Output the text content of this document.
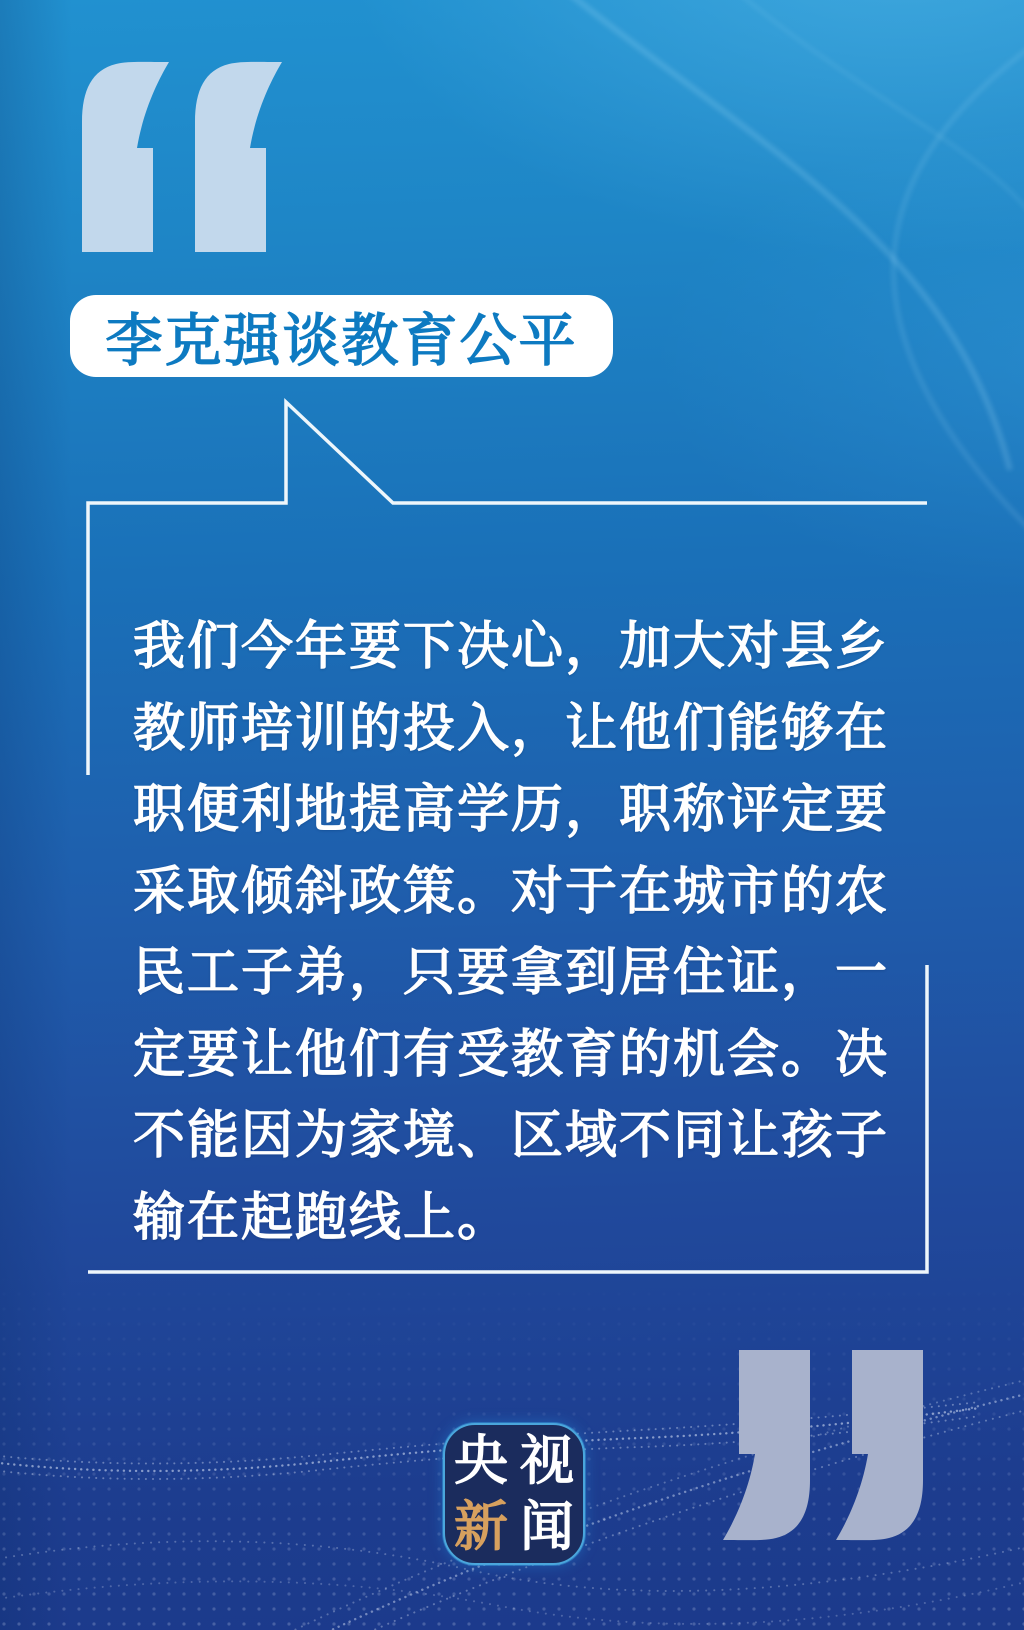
李克强谈教育公平
我们今年要下决心，加大对县乡
教师培训的投入，让他们能够在
职便利地提高学历，职称评定要
采取倾斜政策。对于在城市的农
民工子弟，只要拿到居住证，一
定要让他们有受教育的机会。决
不能因为家境、区域不同让孩子
输在起跑线上。
央 视
新 闻
